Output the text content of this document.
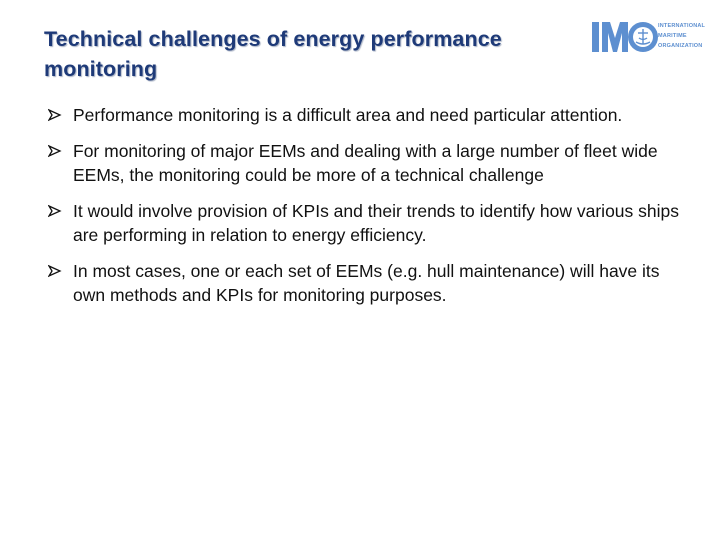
Technical challenges of energy performance monitoring
INTERNATIONAL
MARITIME
ORGANIZATION
Performance monitoring is a difficult area and need particular attention.
For monitoring of major EEMs and dealing with a large number of fleet wide EEMs, the monitoring could be more of a technical challenge
It would involve provision of KPIs and their trends to identify how various ships are performing in relation to energy efficiency.
In most cases, one or each set of EEMs (e.g. hull maintenance) will have its own methods and KPIs for monitoring purposes.
